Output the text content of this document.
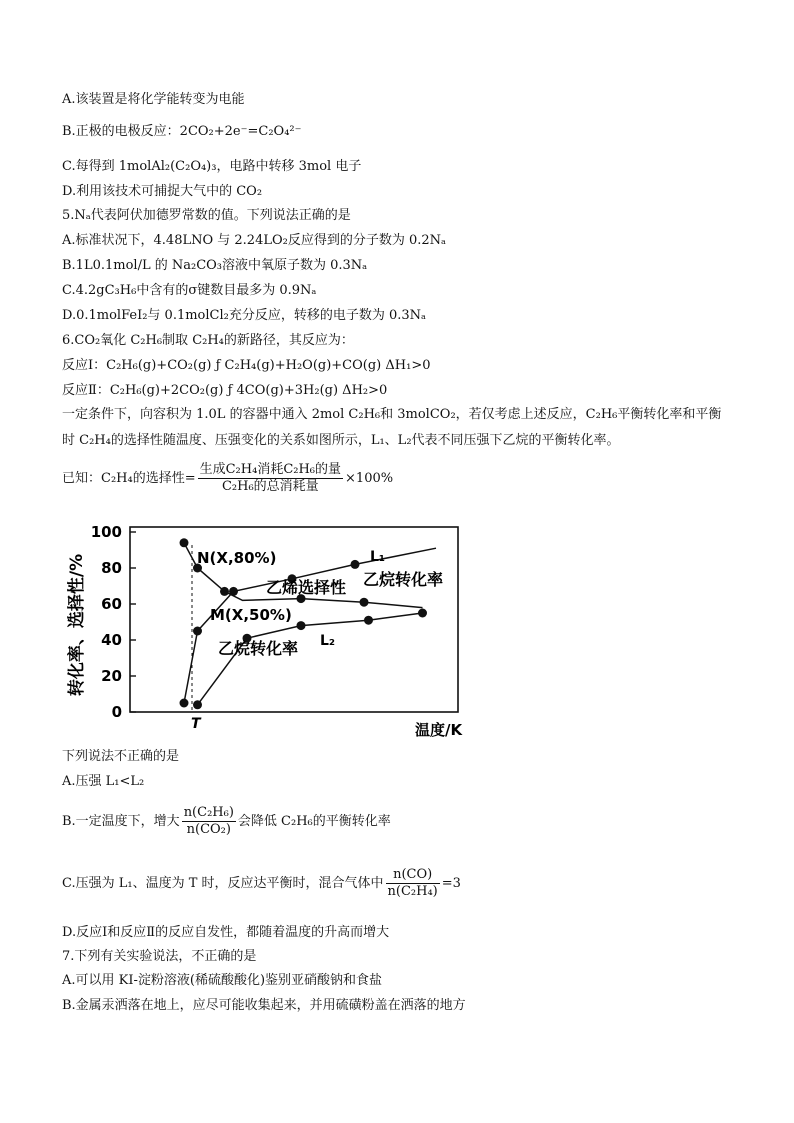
A.该装置是将化学能转变为电能
B.正极的电极反应：2CO₂+2e⁻=C₂O₄²⁻
C.每得到 1molAl₂(C₂O₄)₃，电路中转移 3mol 电子
D.利用该技术可捕捉大气中的 CO₂
5.Nₐ代表阿伏加德罗常数的值。下列说法正确的是
A.标准状况下，4.48LNO 与 2.24LO₂反应得到的分子数为 0.2Nₐ
B.1L0.1mol/L 的 Na₂CO₃溶液中氧原子数为 0.3Nₐ
C.4.2gC₃H₆中含有的σ键数目最多为 0.9Nₐ
D.0.1molFeI₂与 0.1molCl₂充分反应，转移的电子数为 0.3Nₐ
6.CO₂氧化 C₂H₆制取 C₂H₄的新路径，其反应为：
反应Ⅰ：C₂H₆(g)+CO₂(g) ƒ C₂H₄(g)+H₂O(g)+CO(g) ΔH₁>0
反应Ⅱ：C₂H₆(g)+2CO₂(g) ƒ 4CO(g)+3H₂(g) ΔH₂>0
一定条件下，向容积为 1.0L 的容器中通入 2mol C₂H₆和 3molCO₂，若仅考虑上述反应，C₂H₆平衡转化率和平衡时 C₂H₄的选择性随温度、压强变化的关系如图所示，L₁、L₂代表不同压强下乙烷的平衡转化率。
已知：C₂H₄的选择性= $\frac{\text{生成C₂H₄消耗C₂H₆的量}}{\text{C₂H₆的总消耗量}} \times 100\%$
0
20
40
60
80
100
转化率、选择性/%
温度/K
T
N(X,80%)
M(X,50%)
L₁
L₂
乙烯选择性 乙烷转化率
乙烷转化率
下列说法不正确的是
A.压强 L₁<L₂
B.一定温度下，增大 $\frac{\text{n(C₂H₆)}}{\text{n(CO₂)}}$ 会降低 C₂H₆的平衡转化率
C.压强为 L₁、温度为 T 时，反应达平衡时，混合气体中 $\frac{n(CO)}{\text{n(C₂H₄)}} =3$
D.反应Ⅰ和反应Ⅱ的反应自发性，都随着温度的升高而增大
7.下列有关实验说法，不正确的是
A.可以用 KI-淀粉溶液(稀硫酸酸化)鉴别亚硝酸钠和食盐
B.金属汞洒落在地上，应尽可能收集起来，并用硫磺粉盖在洒落的地方
